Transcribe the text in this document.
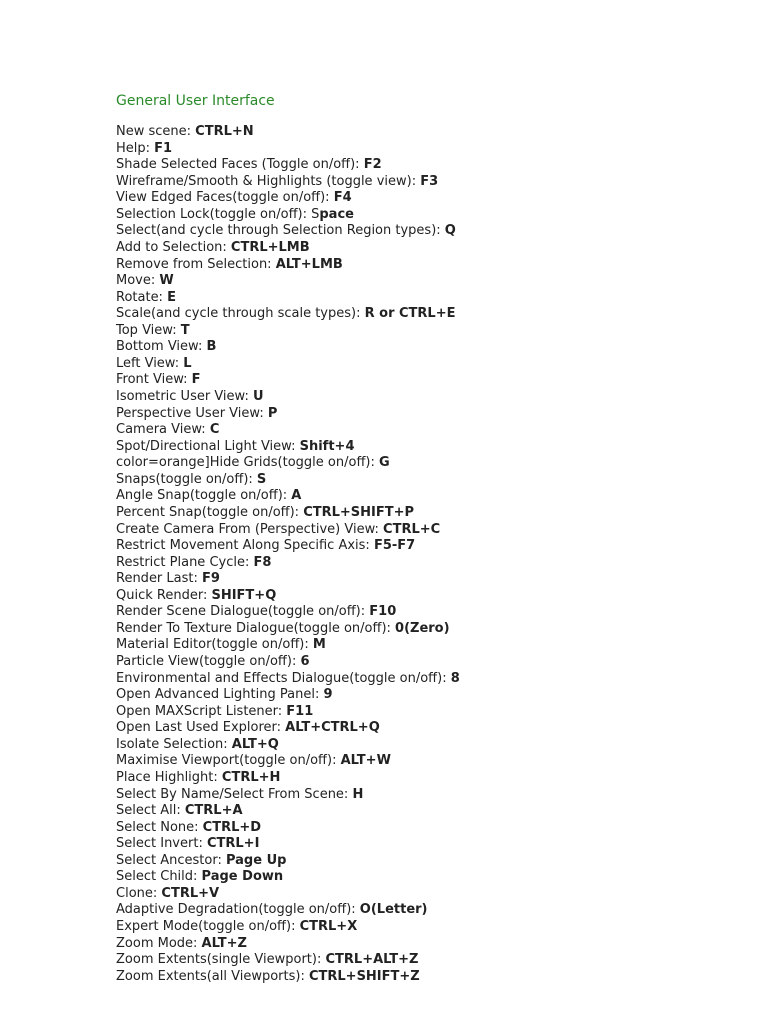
General User Interface
New scene: CTRL+N
Help: F1
Shade Selected Faces (Toggle on/off): F2
Wireframe/Smooth & Highlights (toggle view): F3
View Edged Faces(toggle on/off): F4
Selection Lock(toggle on/off): Space
Select(and cycle through Selection Region types): Q
Add to Selection: CTRL+LMB
Remove from Selection: ALT+LMB
Move: W
Rotate: E
Scale(and cycle through scale types): R or CTRL+E
Top View: T
Bottom View: B
Left View: L
Front View: F
Isometric User View: U
Perspective User View: P
Camera View: C
Spot/Directional Light View: Shift+4
color=orange]Hide Grids(toggle on/off): G
Snaps(toggle on/off): S
Angle Snap(toggle on/off): A
Percent Snap(toggle on/off): CTRL+SHIFT+P
Create Camera From (Perspective) View: CTRL+C
Restrict Movement Along Specific Axis: F5-F7
Restrict Plane Cycle: F8
Render Last: F9
Quick Render: SHIFT+Q
Render Scene Dialogue(toggle on/off): F10
Render To Texture Dialogue(toggle on/off): 0(Zero)
Material Editor(toggle on/off): M
Particle View(toggle on/off): 6
Environmental and Effects Dialogue(toggle on/off): 8
Open Advanced Lighting Panel: 9
Open MAXScript Listener: F11
Open Last Used Explorer: ALT+CTRL+Q
Isolate Selection: ALT+Q
Maximise Viewport(toggle on/off): ALT+W
Place Highlight: CTRL+H
Select By Name/Select From Scene: H
Select All: CTRL+A
Select None: CTRL+D
Select Invert: CTRL+I
Select Ancestor: Page Up
Select Child: Page Down
Clone: CTRL+V
Adaptive Degradation(toggle on/off): O(Letter)
Expert Mode(toggle on/off): CTRL+X
Zoom Mode: ALT+Z
Zoom Extents(single Viewport): CTRL+ALT+Z
Zoom Extents(all Viewports): CTRL+SHIFT+Z
